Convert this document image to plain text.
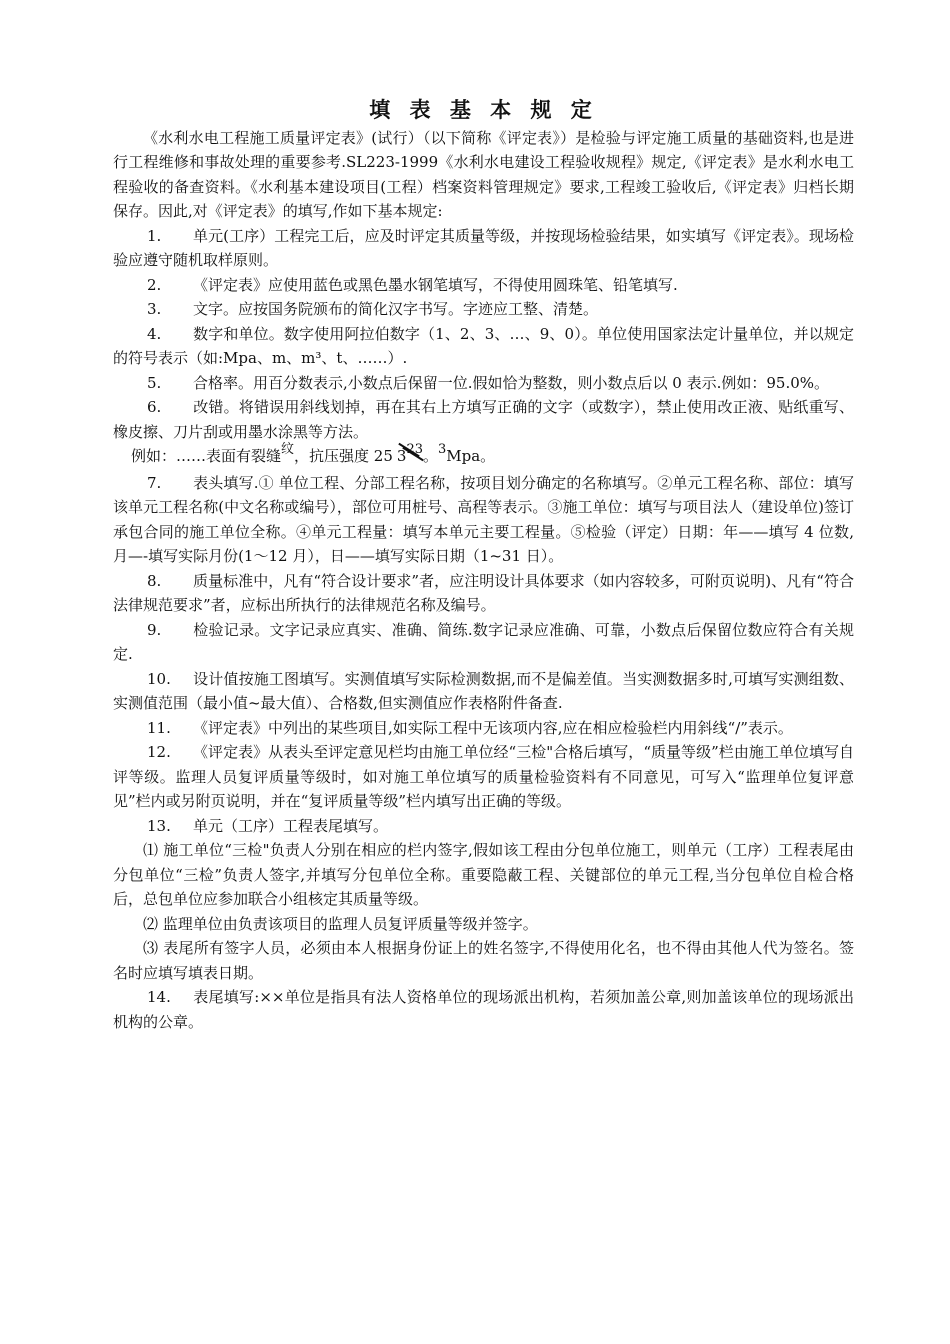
填 表 基 本 规 定

《水利水电工程施工质量评定表》(试行）（以下简称《评定表》）是检验与评定施工质量的基础资料,也是进行工程维修和事故处理的重要参考.SL223-1999《水利水电建设工程验收规程》规定,《评定表》是水利水电工程验收的备查资料。《水利基本建设项目(工程）档案资料管理规定》要求,工程竣工验收后,《评定表》归档长期保存。因此,对《评定表》的填写,作如下基本规定:

1. 单元(工序）工程完工后，应及时评定其质量等级，并按现场检验结果，如实填写《评定表》。现场检验应遵守随机取样原则。

2. 《评定表》应使用蓝色或黑色墨水钢笔填写，不得使用圆珠笔、铅笔填写.

3. 文字。应按国务院颁布的简化汉字书写。字迹应工整、清楚。

4. 数字和单位。数字使用阿拉伯数字（1、2、3、…、9、0）。单位使用国家法定计量单位，并以规定的符号表示（如:Mpa、m、m³、t、……）.

5. 合格率。用百分数表示,小数点后保留一位.假如恰为整数，则小数点后以 0 表示.例如：95.0%。

6. 改错。将错误用斜线划掉，再在其右上方填写正确的文字（或数字），禁止使用改正液、贴纸重写、橡皮擦、刀片刮或用墨水涂黑等方法。

例如：……表面有裂缝纹，抗压强度 25 3
23。3Mpa。

7. 表头填写.① 单位工程、分部工程名称，按项目划分确定的名称填写。②单元工程名称、部位：填写该单元工程名称(中文名称或编号），部位可用桩号、高程等表示。③施工单位：填写与项目法人（建设单位)签订承包合同的施工单位全称。④单元工程量：填写本单元主要工程量。⑤检验（评定）日期：年——填写 4 位数,月—-填写实际月份(1～12 月），日——填写实际日期（1~31 日）。

8. 质量标准中，凡有“符合设计要求”者，应注明设计具体要求（如内容较多，可附页说明)、凡有“符合法律规范要求”者，应标出所执行的法律规范名称及编号。

9. 检验记录。文字记录应真实、准确、简练.数字记录应准确、可靠，小数点后保留位数应符合有关规定.

10. 设计值按施工图填写。实测值填写实际检测数据,而不是偏差值。当实测数据多时,可填写实测组数、实测值范围（最小值~最大值）、合格数,但实测值应作表格附件备查.

11. 《评定表》中列出的某些项目,如实际工程中无该项内容,应在相应检验栏内用斜线“/”表示。

12. 《评定表》从表头至评定意见栏均由施工单位经“三检"合格后填写，“质量等级”栏由施工单位填写自评等级。监理人员复评质量等级时，如对施工单位填写的质量检验资料有不同意见，可写入“监理单位复评意见”栏内或另附页说明，并在“复评质量等级”栏内填写出正确的等级。

13. 单元（工序）工程表尾填写。

⑴ 施工单位“三检"负责人分别在相应的栏内签字,假如该工程由分包单位施工，则单元（工序）工程表尾由分包单位“三检”负责人签字,并填写分包单位全称。重要隐蔽工程、关键部位的单元工程,当分包单位自检合格后，总包单位应参加联合小组核定其质量等级。

⑵ 监理单位由负责该项目的监理人员复评质量等级并签字。

⑶ 表尾所有签字人员，必须由本人根据身份证上的姓名签字,不得使用化名，也不得由其他人代为签名。签名时应填写填表日期。

14. 表尾填写:××单位是指具有法人资格单位的现场派出机构，若须加盖公章,则加盖该单位的现场派出机构的公章。
